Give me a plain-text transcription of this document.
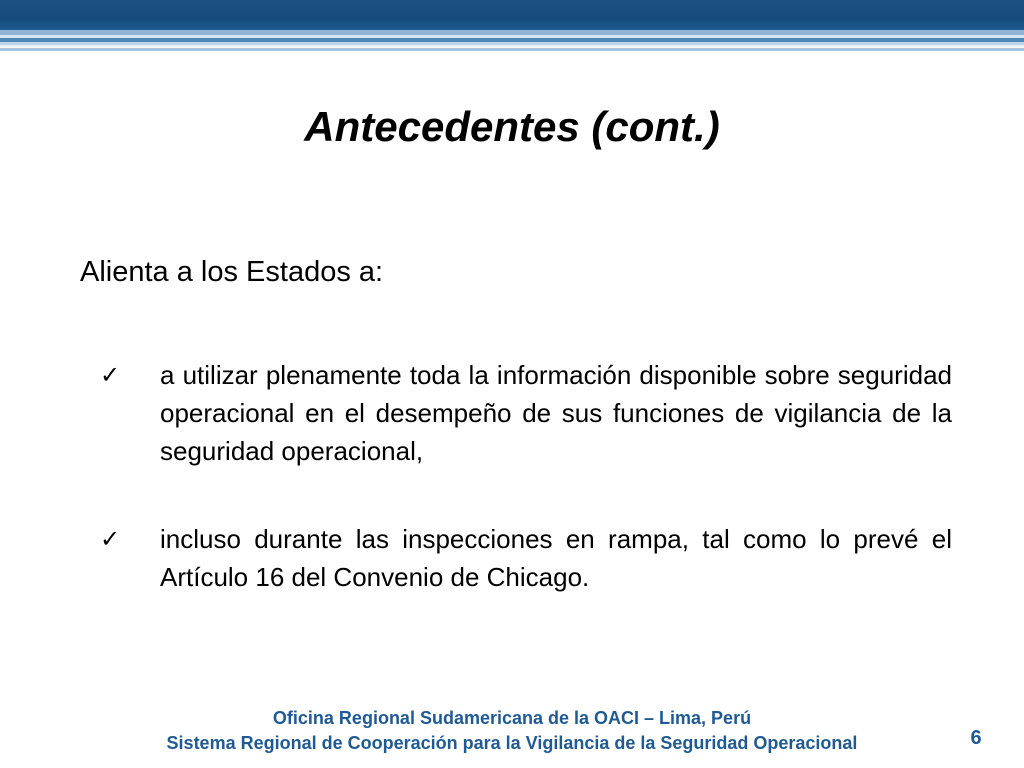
Antecedentes (cont.)

Alienta a los Estados a:

✓	a utilizar plenamente toda la información disponible sobre seguridad operacional en el desempeño de sus funciones de vigilancia de la seguridad operacional,

✓	incluso durante las inspecciones en rampa, tal como lo prevé el Artículo 16 del Convenio de Chicago.

Oficina Regional Sudamericana de la OACI – Lima, Perú

Sistema Regional de Cooperación para la Vigilancia de la Seguridad Operacional	6
